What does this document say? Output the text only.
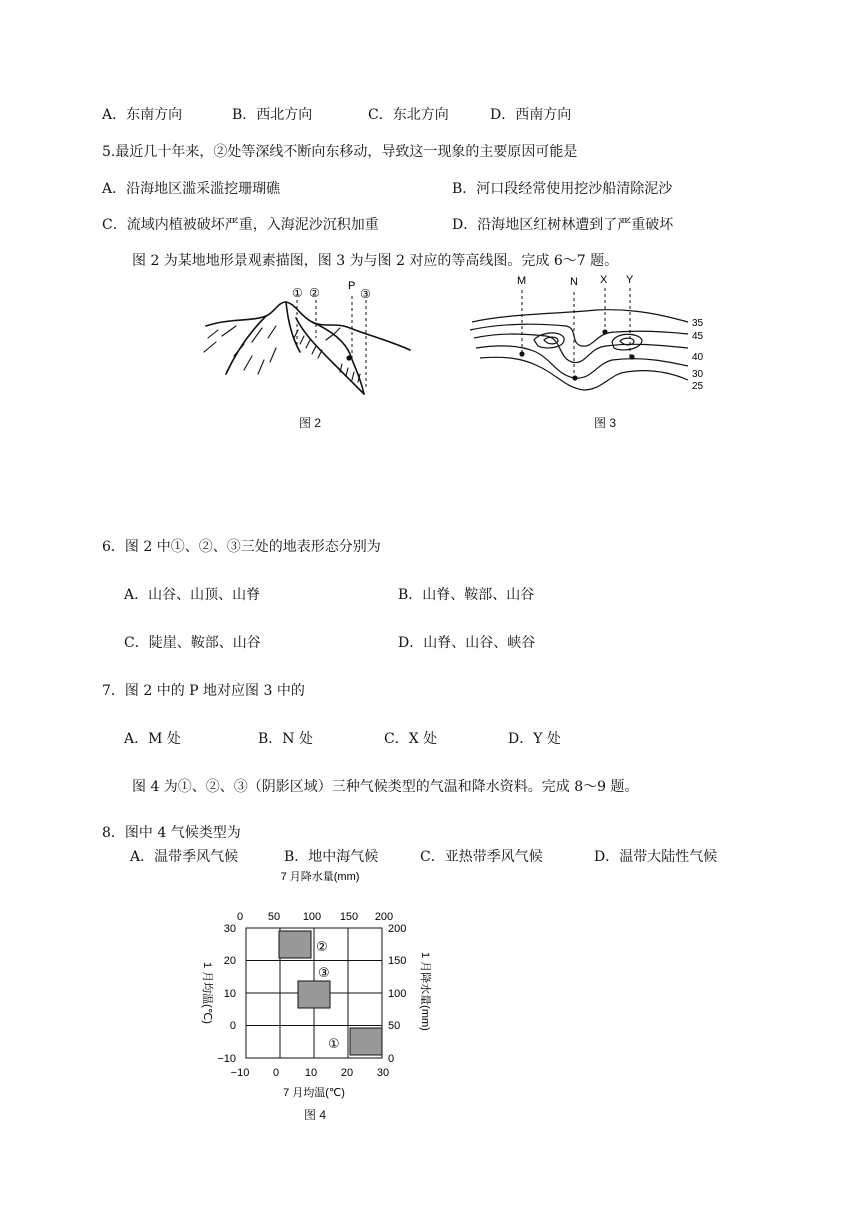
A．东南方向	B．西北方向	C．东北方向	D．西南方向
5.最近几十年来，②处等深线不断向东移动，导致这一现象的主要原因可能是
A．沿海地区滥采滥挖珊瑚礁	B．河口段经常使用挖沙船清除泥沙
C．流域内植被破坏严重，入海泥沙沉积加重	D．沿海地区红树林遭到了严重破坏
图 2 为某地地形景观素描图，图 3 为与图 2 对应的等高线图。完成 6～7 题。
① ②	P
③
图 2
M	N X Y
35
45
40
30
25
图 3
6．图 2 中①、②、③三处的地表形态分别为
A．山谷、山顶、山脊	B．山脊、鞍部、山谷
C．陡崖、鞍部、山谷	D．山脊、山谷、峡谷
7．图 2 中的 P 地对应图 3 中的
A．M 处	B．N 处	C．X 处	D．Y 处
图 4 为①、②、③（阴影区域）三种气候类型的气温和降水资料。完成 8～9 题。
8．图中 4 气候类型为
A．温带季风气候	B．地中海气候	C．亚热带季风气候	D．温带大陆性气候
7 月降水量(mm)
0 50 100 150 200
②
③
①
30
20
10
0
−10
1 月均温(℃)
200
150
100
50
0
1 月降水量(mm)
−10 0 10 20 30
7 月均温(℃)
图 4
